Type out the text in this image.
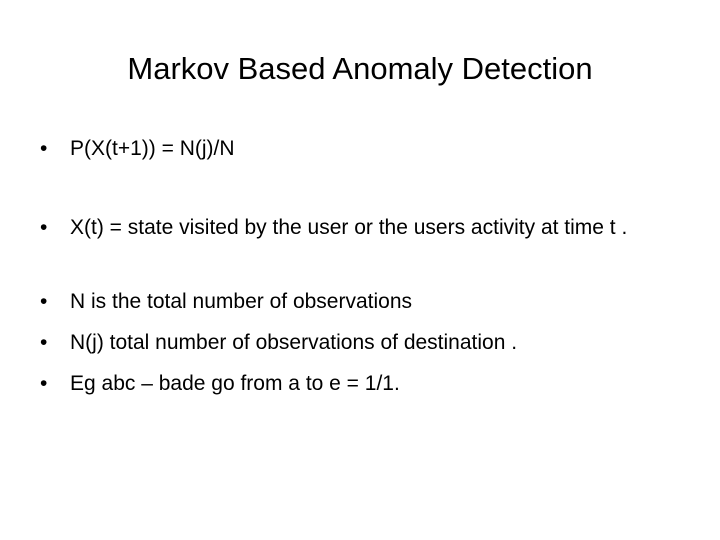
Markov Based Anomaly Detection
•	P(X(t+1)) = N(j)/N
•	X(t) = state visited by the user or the users activity at time t .
•	N is the total number of observations
•	N(j) total number of observations of destination .
•	Eg abc – bade go from a to e = 1/1.
